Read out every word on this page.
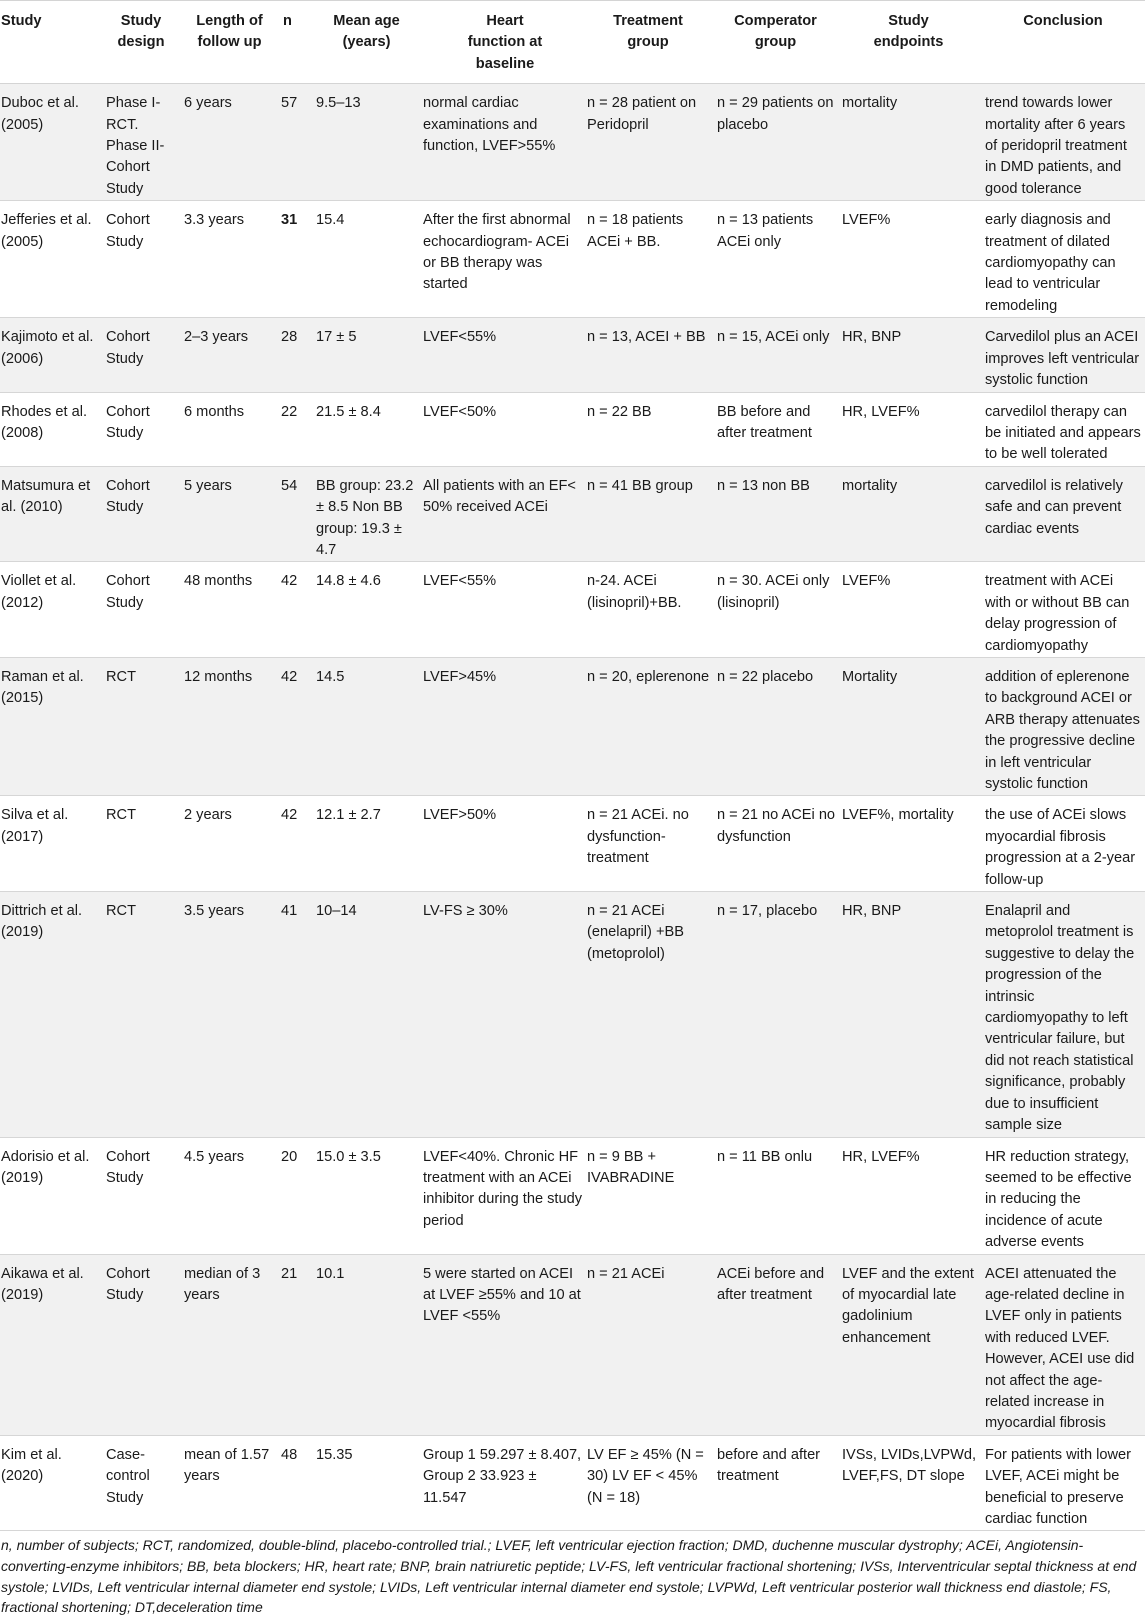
Study	Study design	Length of follow up	n	Mean age (years)	Heart function at baseline	Treatment group	Comperator group	Study endpoints	Conclusion
Duboc et al. (2005)	Phase I- RCT. Phase II- Cohort Study	6 years	57	9.5–13	normal cardiac examinations and function, LVEF>55%	n = 28 patient on Peridopril	n = 29 patients on placebo	mortality	trend towards lower mortality after 6 years of peridopril treatment in DMD patients, and good tolerance
Jefferies et al. (2005)	Cohort Study	3.3 years	31	15.4	After the first abnormal echocardiogram- ACEi or BB therapy was started	n = 18 patients ACEi + BB.	n = 13 patients ACEi only	LVEF%	early diagnosis and treatment of dilated cardiomyopathy can lead to ventricular remodeling
Kajimoto et al. (2006)	Cohort Study	2–3 years	28	17 ± 5	LVEF<55%	n = 13, ACEI + BB	n = 15, ACEi only	HR, BNP	Carvedilol plus an ACEI improves left ventricular systolic function
Rhodes et al. (2008)	Cohort Study	6 months	22	21.5 ± 8.4	LVEF<50%	n = 22 BB	BB before and after treatment	HR, LVEF%	carvedilol therapy can be initiated and appears to be well tolerated
Matsumura et al. (2010)	Cohort Study	5 years	54	BB group: 23.2 ± 8.5 Non BB group: 19.3 ± 4.7	All patients with an EF< 50% received ACEi	n = 41 BB group	n = 13 non BB	mortality	carvedilol is relatively safe and can prevent cardiac events
Viollet et al. (2012)	Cohort Study	48 months	42	14.8 ± 4.6	LVEF<55%	n-24. ACEi (lisinopril)+BB.	n = 30. ACEi only (lisinopril)	LVEF%	treatment with ACEi with or without BB can delay progression of cardiomyopathy
Raman et al. (2015)	RCT	12 months	42	14.5	LVEF>45%	n = 20, eplerenone	n = 22 placebo	Mortality	addition of eplerenone to background ACEI or ARB therapy attenuates the progressive decline in left ventricular systolic function
Silva et al. (2017)	RCT	2 years	42	12.1 ± 2.7	LVEF>50%	n = 21 ACEi. no dysfunction- treatment	n = 21 no ACEi no dysfunction	LVEF%, mortality	the use of ACEi slows myocardial fibrosis progression at a 2-year follow-up
Dittrich et al. (2019)	RCT	3.5 years	41	10–14	LV-FS ≥ 30%	n = 21 ACEi (enelapril) +BB (metoprolol)	n = 17, placebo	HR, BNP	Enalapril and metoprolol treatment is suggestive to delay the progression of the intrinsic cardiomyopathy to left ventricular failure, but did not reach statistical significance, probably due to insufficient sample size
Adorisio et al. (2019)	Cohort Study	4.5 years	20	15.0 ± 3.5	LVEF<40%. Chronic HF treatment with an ACEi inhibitor during the study period	n = 9 BB + IVABRADINE	n = 11 BB onlu	HR, LVEF%	HR reduction strategy, seemed to be effective in reducing the incidence of acute adverse events
Aikawa et al. (2019)	Cohort Study	median of 3 years	21	10.1	5 were started on ACEI at LVEF ≥55% and 10 at LVEF <55%	n = 21 ACEi	ACEi before and after treatment	LVEF and the extent of myocardial late gadolinium enhancement	ACEI attenuated the age-related decline in LVEF only in patients with reduced LVEF. However, ACEI use did not affect the age- related increase in myocardial fibrosis
Kim et al. (2020)	Case- control Study	mean of 1.57 years	48	15.35	Group 1 59.297 ± 8.407, Group 2 33.923 ± 11.547	LV EF ≥ 45% (N = 30) LV EF < 45% (N = 18)	before and after treatment	IVSs, LVIDs,LVPWd, LVEF,FS, DT slope	For patients with lower LVEF, ACEi might be beneficial to preserve cardiac function
n, number of subjects; RCT, randomized, double-blind, placebo-controlled trial.; LVEF, left ventricular ejection fraction; DMD, duchenne muscular dystrophy; ACEi, Angiotensin-converting-enzyme inhibitors; BB, beta blockers; HR, heart rate; BNP, brain natriuretic peptide; LV-FS, left ventricular fractional shortening; IVSs, Interventricular septal thickness at end systole; LVIDs, Left ventricular internal diameter end systole; LVIDs, Left ventricular internal diameter end systole; LVPWd, Left ventricular posterior wall thickness end diastole; FS, fractional shortening; DT,deceleration time
